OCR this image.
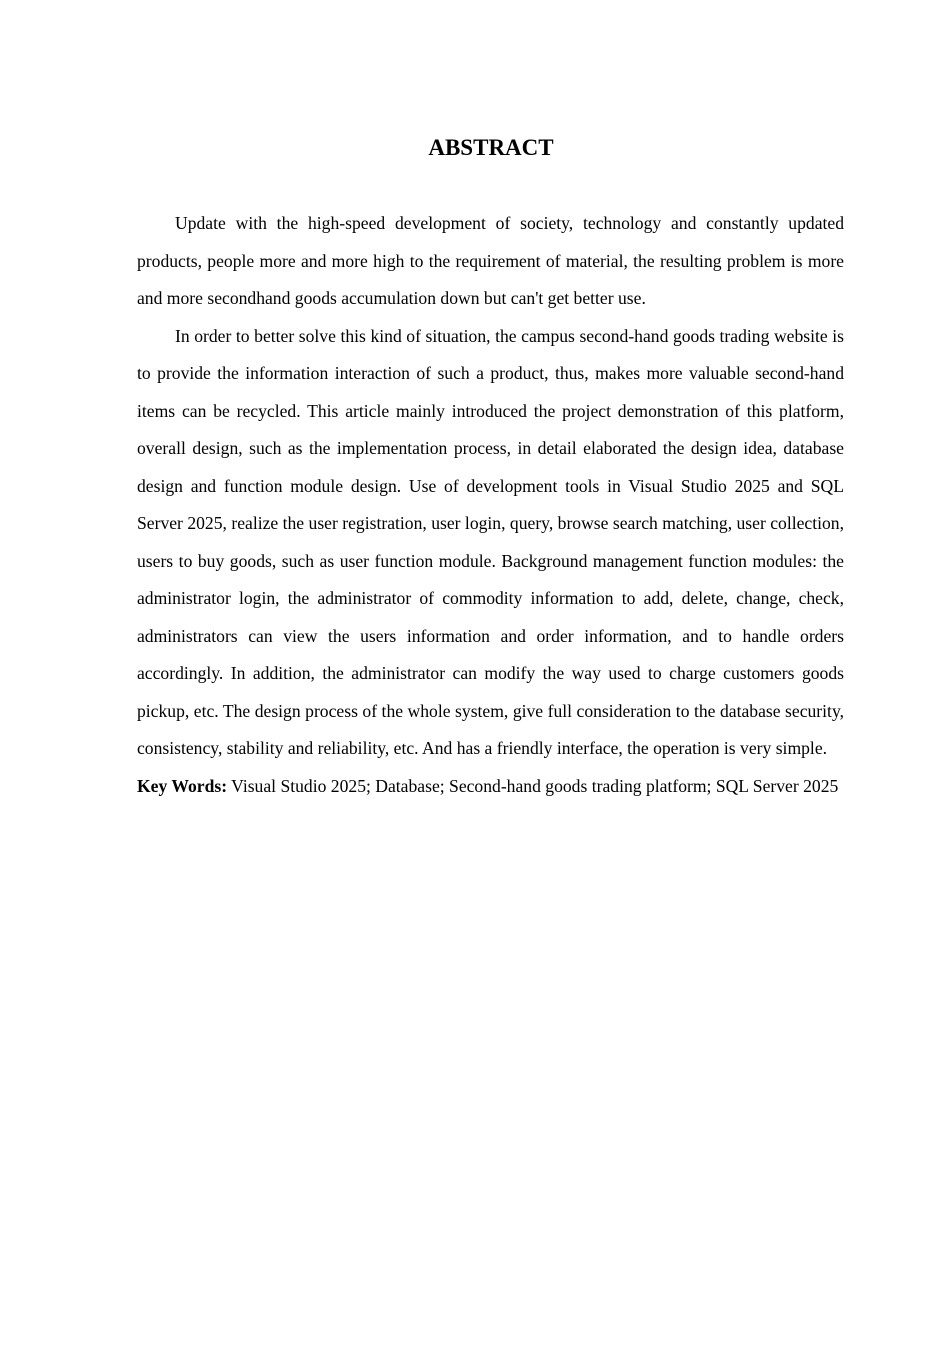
ABSTRACT

Update with the high-speed development of society, technology and constantly updated products, people more and more high to the requirement of material, the resulting problem is more and more secondhand goods accumulation down but can't get better use.

In order to better solve this kind of situation, the campus second-hand goods trading website is to provide the information interaction of such a product, thus, makes more valuable second-hand items can be recycled. This article mainly introduced the project demonstration of this platform, overall design, such as the implementation process, in detail elaborated the design idea, database design and function module design. Use of development tools in Visual Studio 2025 and SQL Server 2025, realize the user registration, user login, query, browse search matching, user collection, users to buy goods, such as user function module. Background management function modules: the administrator login, the administrator of commodity information to add, delete, change, check, administrators can view the users information and order information, and to handle orders accordingly. In addition, the administrator can modify the way used to charge customers goods pickup, etc. The design process of the whole system, give full consideration to the database security, consistency, stability and reliability, etc. And has a friendly interface, the operation is very simple.

Key Words: Visual Studio 2025; Database; Second-hand goods trading platform; SQL Server 2025
